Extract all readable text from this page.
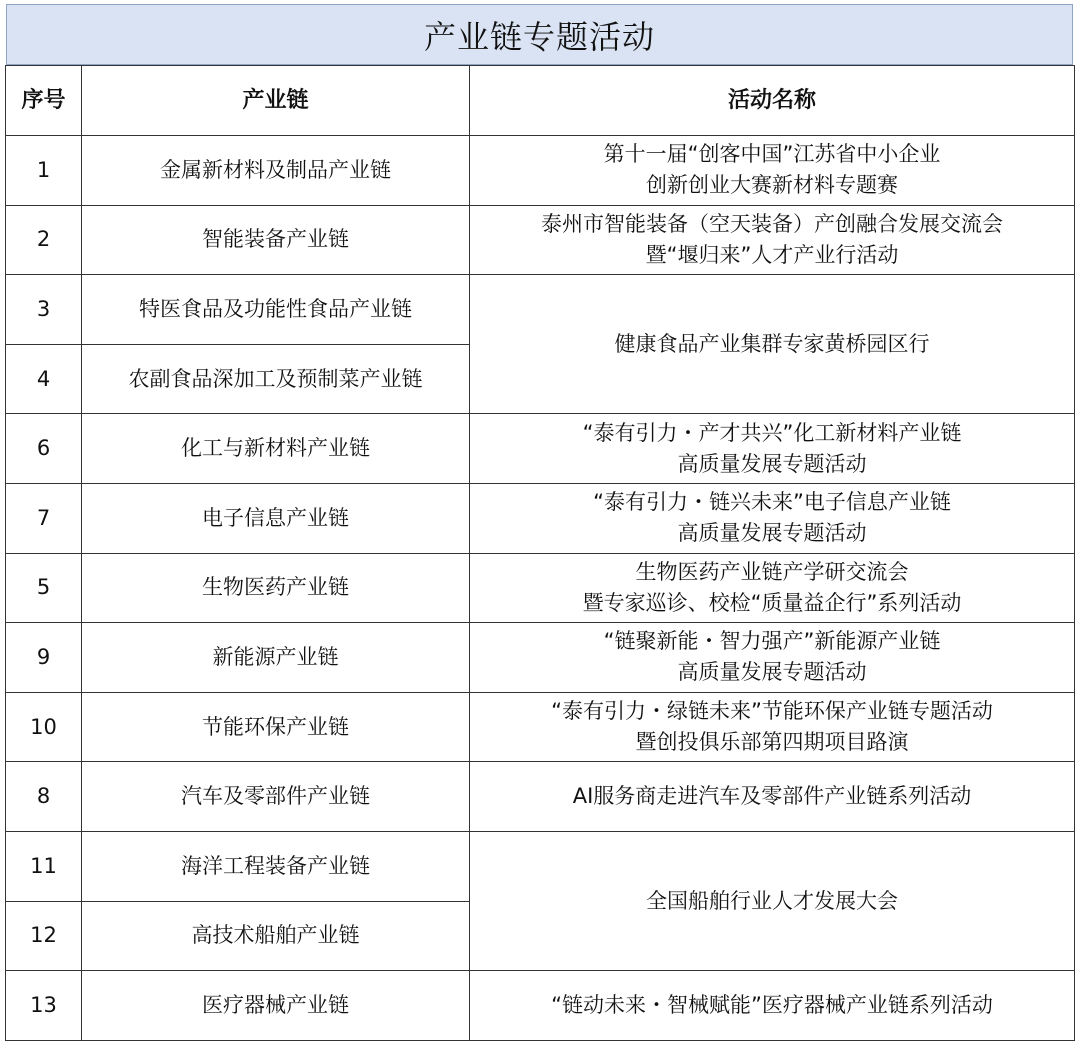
产业链专题活动
序号	产业链	活动名称
1	金属新材料及制品产业链	第十一届“创客中国”江苏省中小企业
创新创业大赛新材料专题赛

2	智能装备产业链	泰州市智能装备（空天装备）产创融合发展交流会
暨“堰归来”人才产业行活动

3	特医食品及功能性食品产业链	健康食品产业集群专家黄桥园区行

4	农副食品深加工及预制菜产业链	
6	化工与新材料产业链	“泰有引力・产才共兴”化工新材料产业链
高质量发展专题活动

7	电子信息产业链	“泰有引力・链兴未来”电子信息产业链
高质量发展专题活动

5	生物医药产业链	生物医药产业链产学研交流会
暨专家巡诊、校检“质量益企行”系列活动

9	新能源产业链	“链聚新能・智力强产”新能源产业链
高质量发展专题活动

10	节能环保产业链	“泰有引力・绿链未来”节能环保产业链专题活动
暨创投俱乐部第四期项目路演

8	汽车及零部件产业链	AI服务商走进汽车及零部件产业链系列活动

11	海洋工程装备产业链	全国船舶行业人才发展大会

12	高技术船舶产业链	
13	医疗器械产业链	“链动未来・智械赋能”医疗器械产业链系列活动
